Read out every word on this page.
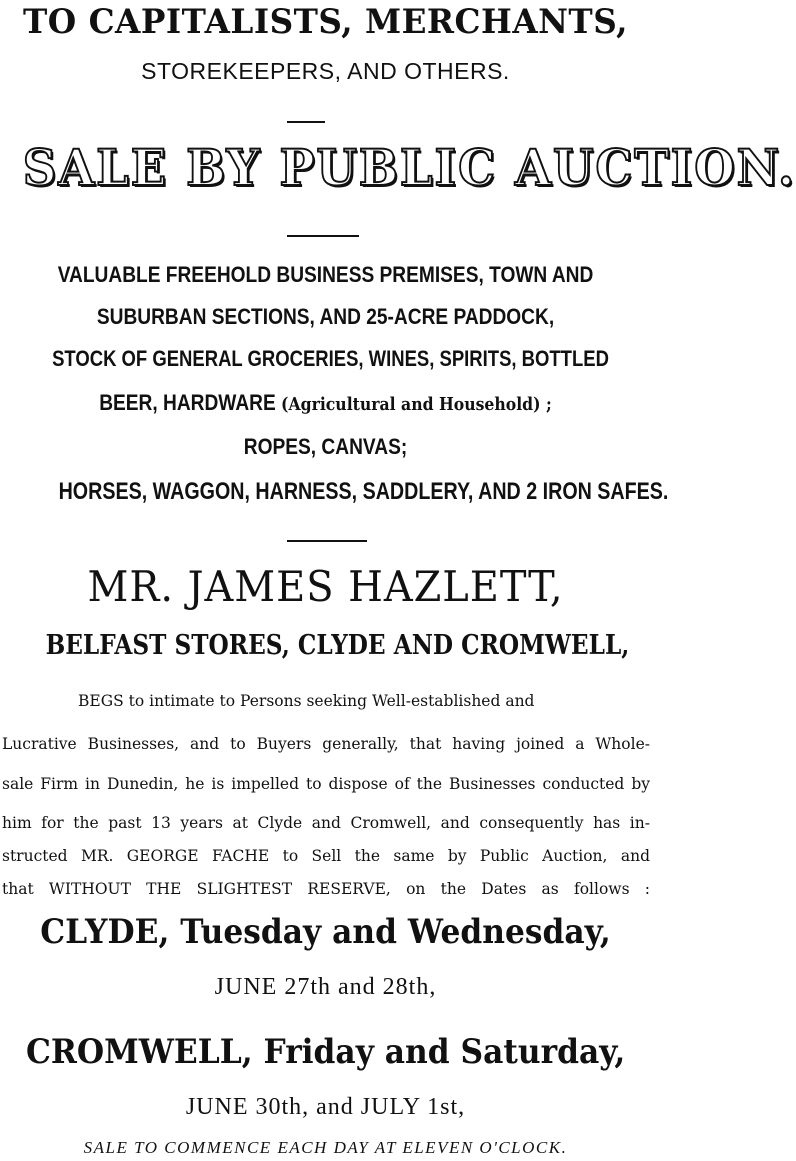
TO CAPITALISTS, MERCHANTS,
STOREKEEPERS, AND OTHERS.
SALE BY PUBLIC AUCTION.
VALUABLE FREEHOLD BUSINESS PREMISES, TOWN AND
SUBURBAN SECTIONS, AND 25-ACRE PADDOCK,
STOCK OF GENERAL GROCERIES, WINES, SPIRITS, BOTTLED
BEER, HARDWARE (Agricultural and Household) ;
ROPES, CANVAS;
HORSES, WAGGON, HARNESS, SADDLERY, AND 2 IRON SAFES.
MR. JAMES HAZLETT,
BELFAST STORES, CLYDE AND CROMWELL,
BEGS to intimate to Persons seeking Well-established and
Lucrative Businesses, and to Buyers generally, that having joined a Whole-
sale Firm in Dunedin, he is impelled to dispose of the Businesses conducted by
him for the past 13 years at Clyde and Cromwell, and consequently has in-
structed MR. GEORGE FACHE to Sell the same by Public Auction, and
CLYDE, Tuesday and Wednesday,
JUNE 27th and 28th,
CROMWELL, Friday and Saturday,
JUNE 30th, and JULY 1st,
SALE TO COMMENCE EACH DAY AT ELEVEN O'CLOCK.
that WITHOUT THE SLIGHTEST RESERVE, on the Dates as follows :
